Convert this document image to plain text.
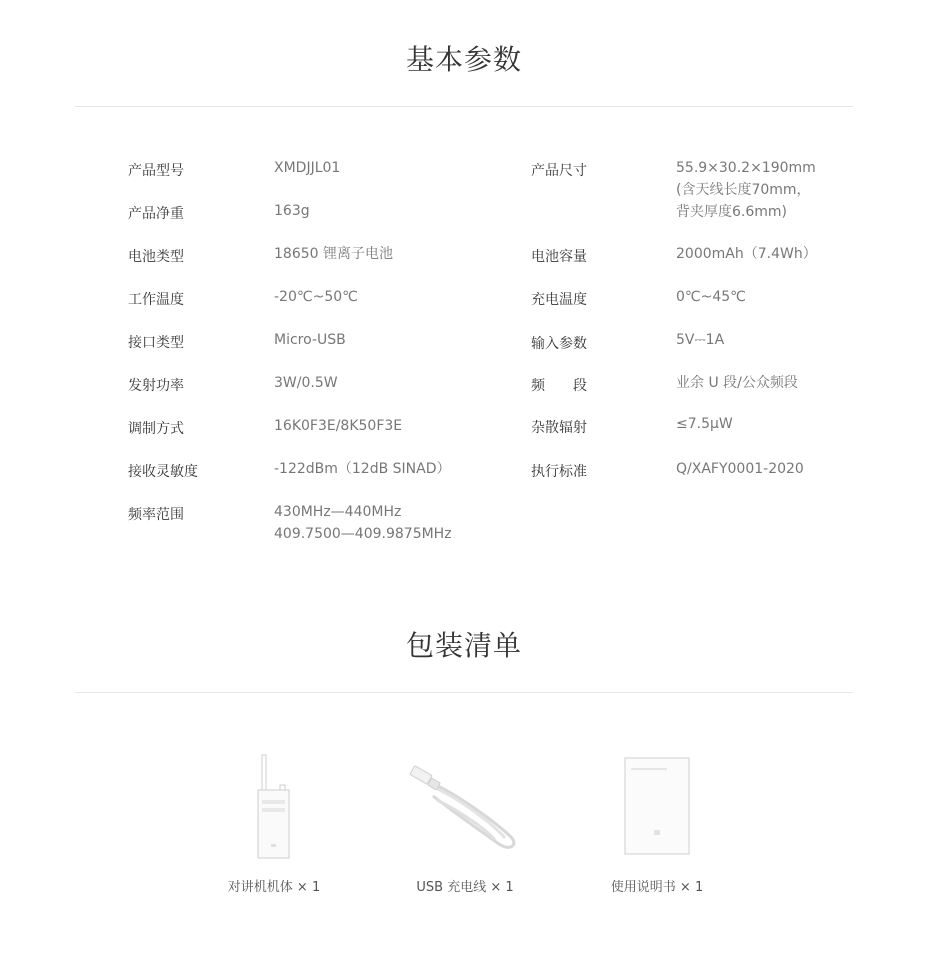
基本参数
产品型号	XMDJJL01
产品净重	163g
电池类型	18650 锂离子电池
工作温度	-20℃~50℃
接口类型	Micro-USB
发射功率	3W/0.5W
调制方式	16K0F3E/8K50F3E
接收灵敏度	-122dBm（12dB SINAD）
频率范围	430MHz—440MHz
409.7500—409.9875MHz
产品尺寸	55.9×30.2×190mm
(含天线长度70mm，
背夹厚度6.6mm)
电池容量	2000mAh（7.4Wh）
充电温度	0℃~45℃
输入参数	5V⎓1A
频　　段	业余 U 段/公众频段
杂散辐射	≤7.5μW
执行标准	Q/XAFY0001-2020
包装清单
对讲机机体 × 1	USB 充电线 × 1	使用说明书 × 1
